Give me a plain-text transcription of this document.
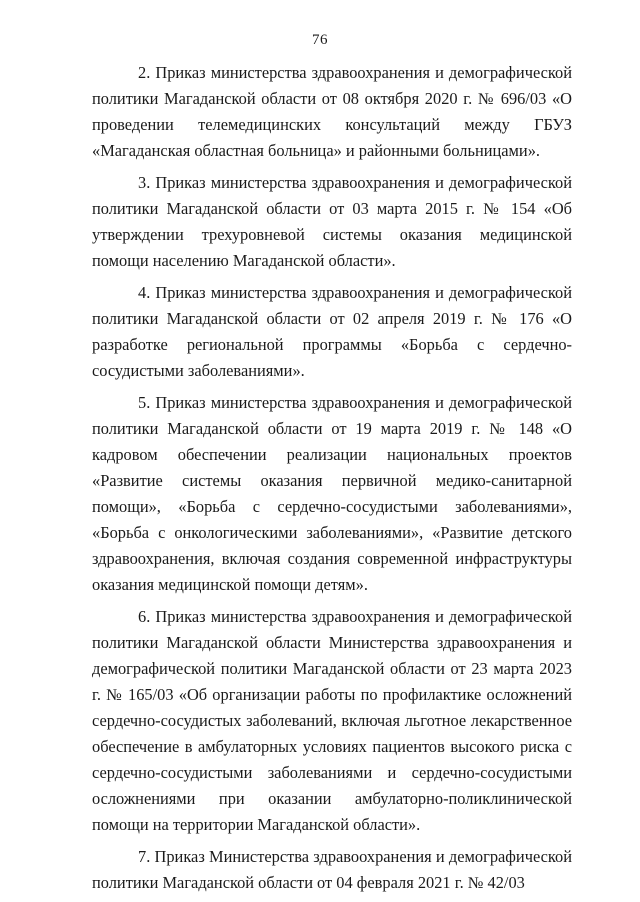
76

2. Приказ министерства здравоохранения и демографической политики Магаданской области от 08 октября 2020 г. № 696/03 «О проведении телемедицинских консультаций между ГБУЗ «Магаданская областная больница» и районными больницами».

3. Приказ министерства здравоохранения и демографической политики Магаданской области от 03 марта 2015 г. № 154 «Об утверждении трехуровневой системы оказания медицинской помощи населению Магаданской области».

4. Приказ министерства здравоохранения и демографической политики Магаданской области от 02 апреля 2019 г. № 176 «О разработке региональной программы «Борьба с сердечно-сосудистыми заболеваниями».

5. Приказ министерства здравоохранения и демографической политики Магаданской области от 19 марта 2019 г. № 148 «О кадровом обеспечении реализации национальных проектов «Развитие системы оказания первичной медико-санитарной помощи», «Борьба с сердечно-сосудистыми заболеваниями», «Борьба с онкологическими заболеваниями», «Развитие детского здравоохранения, включая создания современной инфраструктуры оказания медицинской помощи детям».

6. Приказ министерства здравоохранения и демографической политики Магаданской области Министерства здравоохранения и демографической политики Магаданской области от 23 марта 2023 г. № 165/03 «Об организации работы по профилактике осложнений сердечно-сосудистых заболеваний, включая льготное лекарственное обеспечение в амбулаторных условиях пациентов высокого риска с сердечно-сосудистыми заболеваниями и сердечно-сосудистыми осложнениями при оказании амбулаторно-поликлинической помощи на территории Магаданской области».

7. Приказ Министерства здравоохранения и демографической политики Магаданской области от 04 февраля 2021 г. № 42/03
